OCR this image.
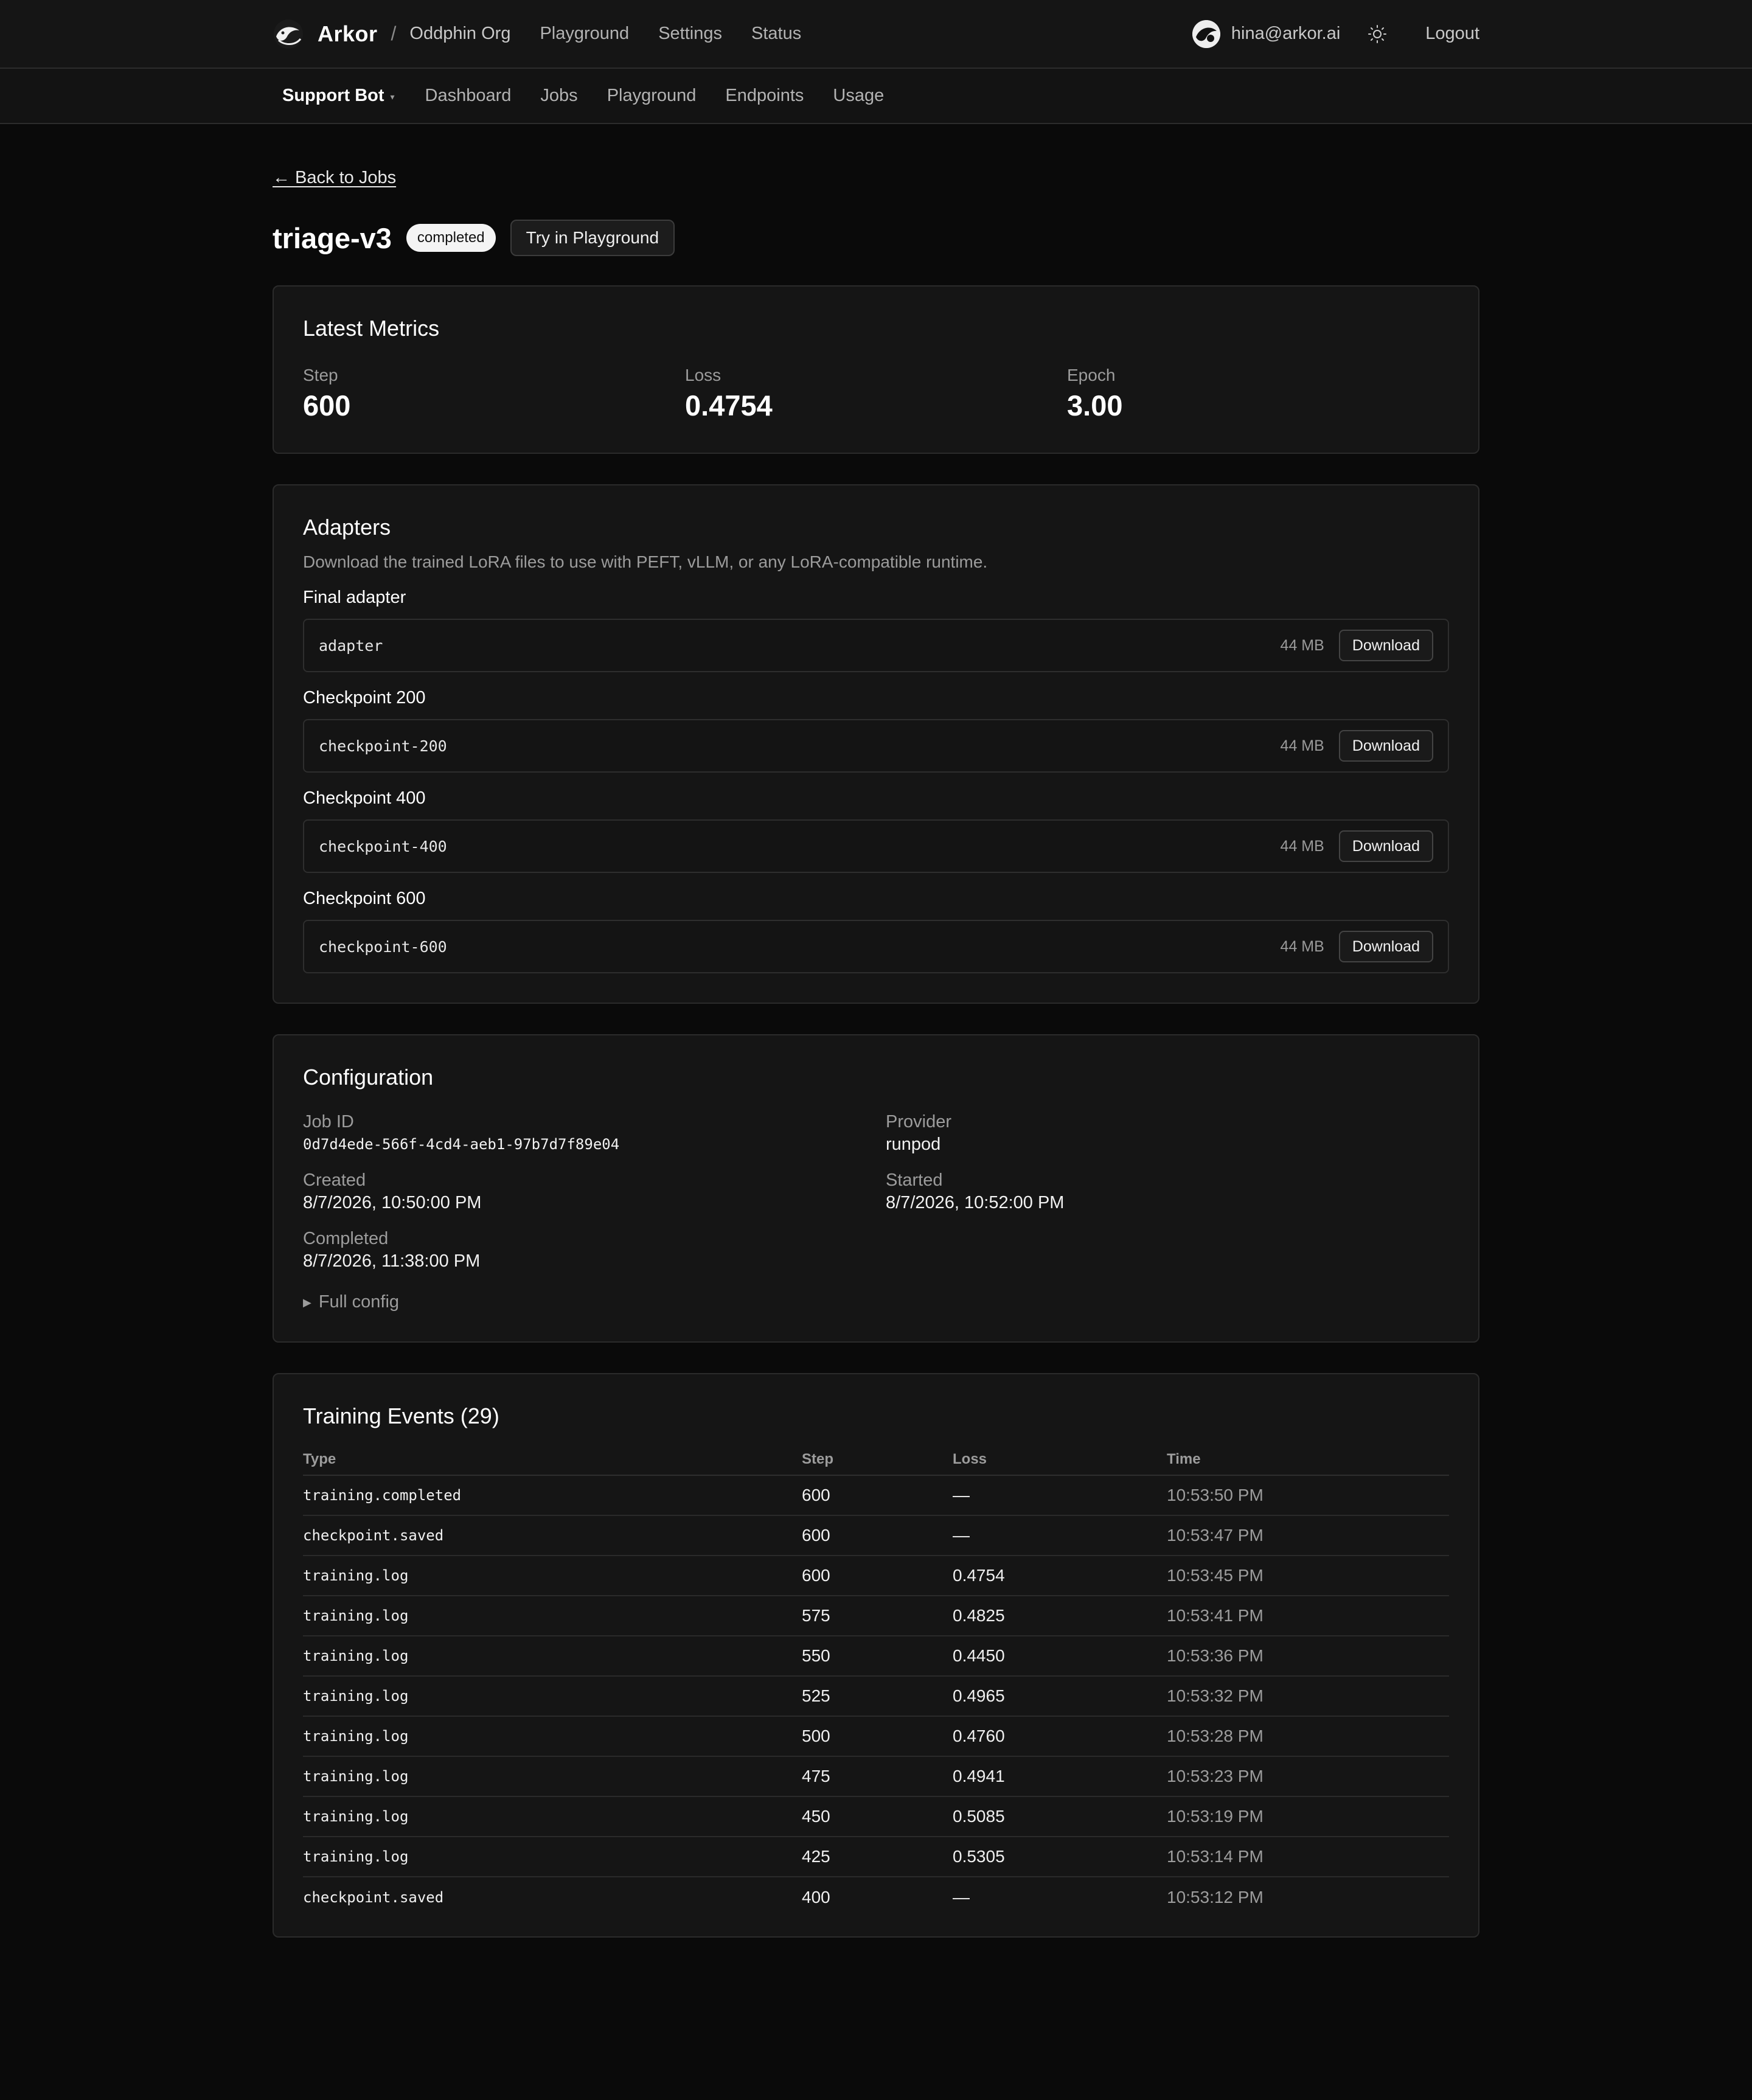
Arkor / Oddphin Org Playground Settings Status	hina@arkor.ai	Logout
Support Bot ▾ Dashboard Jobs Playground Endpoints Usage
← Back to Jobs
triage-v3	completed	Try in Playground
Latest Metrics
Step
600
Loss
0.4754
Epoch
3.00
Adapters
Download the trained LoRA files to use with PEFT, vLLM, or any LoRA-compatible runtime.
Final adapter
adapter	44 MB	Download
Checkpoint 200
checkpoint-200	44 MB	Download
Checkpoint 400
checkpoint-400	44 MB	Download
Checkpoint 600
checkpoint-600	44 MB	Download
Configuration
Job ID
0d7d4ede-566f-4cd4-aeb1-97b7d7f89e04
Provider
runpod
Created
8/7/2026, 10:50:00 PM
Started
8/7/2026, 10:52:00 PM
Completed
8/7/2026, 11:38:00 PM
▶ Full config
Training Events (29)
Type	Step	Loss	Time
training.completed	600	—	10:53:50 PM
checkpoint.saved	600	—	10:53:47 PM
training.log	600	0.4754	10:53:45 PM
training.log	575	0.4825	10:53:41 PM
training.log	550	0.4450	10:53:36 PM
training.log	525	0.4965	10:53:32 PM
training.log	500	0.4760	10:53:28 PM
training.log	475	0.4941	10:53:23 PM
training.log	450	0.5085	10:53:19 PM
training.log	425	0.5305	10:53:14 PM
checkpoint.saved	400	—	10:53:12 PM
